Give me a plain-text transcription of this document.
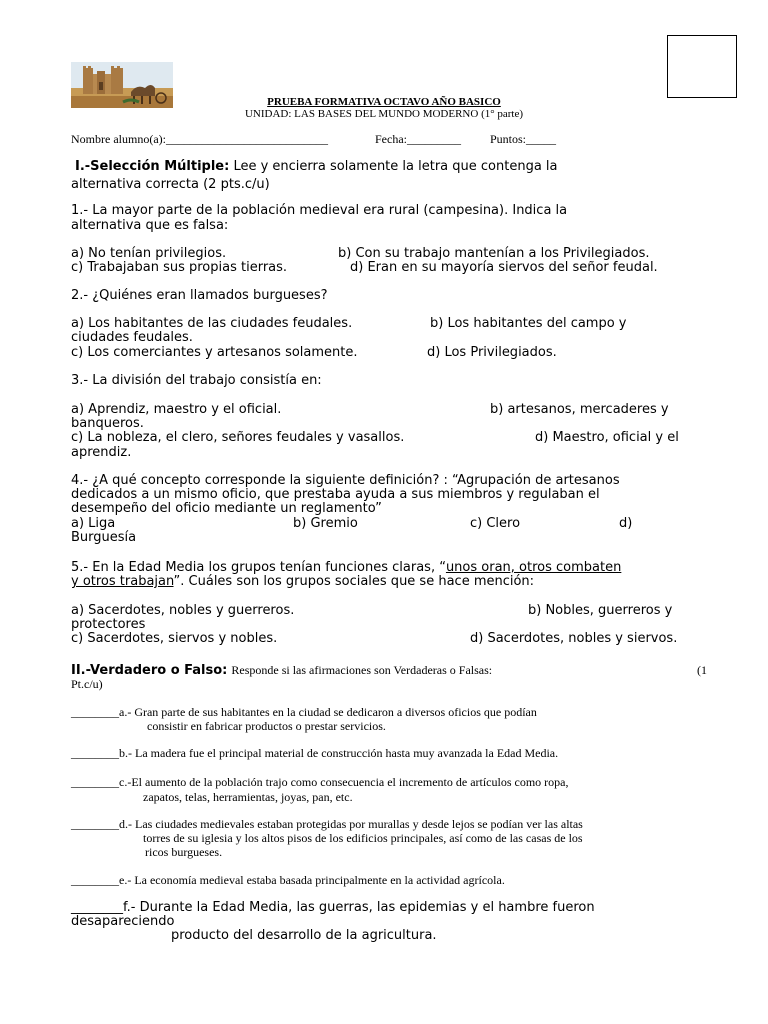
PRUEBA FORMATIVA OCTAVO AÑO BASICO
UNIDAD: LAS BASES DEL MUNDO MODERNO (1° parte)
Nombre alumno(a):___________________________	Fecha:_________ Puntos:_____
I.-Selección Múltiple: Lee y encierra solamente la letra que contenga la
alternativa correcta (2 pts.c/u)
1.- La mayor parte de la población medieval era rural (campesina). Indica la
alternativa que es falsa:
a) No tenían privilegios.	b) Con su trabajo mantenían a los Privilegiados.
c) Trabajaban sus propias tierras.	d) Eran en su mayoría siervos del señor feudal.
2.- ¿Quiénes eran llamados burgueses?
a) Los habitantes de las ciudades feudales.	b) Los habitantes del campo y
ciudades feudales.
c) Los comerciantes y artesanos solamente.	d) Los Privilegiados.
3.- La división del trabajo consistía en:
a) Aprendiz, maestro y el oficial.	b) artesanos, mercaderes y
banqueros.
c) La nobleza, el clero, señores feudales y vasallos.	d) Maestro, oficial y el
aprendiz.
4.- ¿A qué concepto corresponde la siguiente definición? : “Agrupación de artesanos
dedicados a un mismo oficio, que prestaba ayuda a sus miembros y regulaban el
desempeño del oficio mediante un reglamento”
a) Liga	b) Gremio	c) Clero	d)
Burguesía
5.- En la Edad Media los grupos tenían funciones claras, “unos oran, otros combaten
y otros trabajan”. Cuáles son los grupos sociales que se hace mención:
a) Sacerdotes, nobles y guerreros.	b) Nobles, guerreros y
protectores
c) Sacerdotes, siervos y nobles.	d) Sacerdotes, nobles y siervos.
II.-Verdadero o Falso: Responde si las afirmaciones son Verdaderas o Falsas:	(1
Pt.c/u)
________a.- Gran parte de sus habitantes en la ciudad se dedicaron a diversos oficios que podían
consistir en fabricar productos o prestar servicios.
________b.- La madera fue el principal material de construcción hasta muy avanzada la Edad Media.
________c.-El aumento de la población trajo como consecuencia el incremento de artículos como ropa,
zapatos, telas, herramientas, joyas, pan, etc.
________d.- Las ciudades medievales estaban protegidas por murallas y desde lejos se podían ver las altas
torres de su iglesia y los altos pisos de los edificios principales, así como de las casas de los
ricos burgueses.
________e.- La economía medieval estaba basada principalmente en la actividad agrícola.
________f.- Durante la Edad Media, las guerras, las epidemias y el hambre fueron
desapareciendo
producto del desarrollo de la agricultura.
